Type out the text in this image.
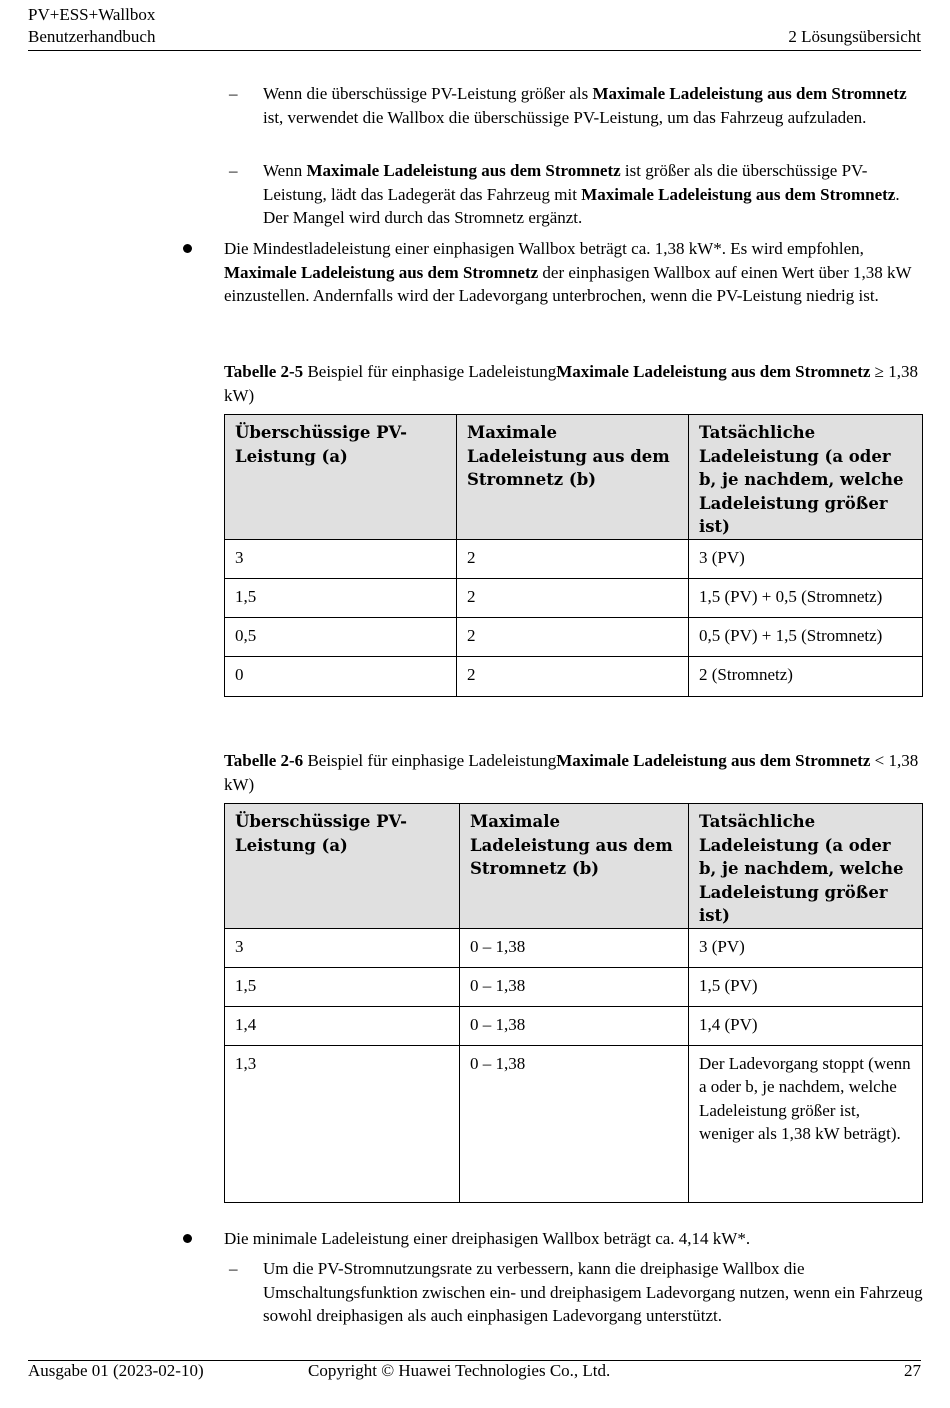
PV+ESS+Wallbox
Benutzerhandbuch	2 Lösungsübersicht
– Wenn die überschüssige PV-Leistung größer als Maximale Ladeleistung aus dem Stromnetz ist, verwendet die Wallbox die überschüssige PV-Leistung, um das Fahrzeug aufzuladen.
– Wenn Maximale Ladeleistung aus dem Stromnetz ist größer als die überschüssige PV-Leistung, lädt das Ladegerät das Fahrzeug mit Maximale Ladeleistung aus dem Stromnetz. Der Mangel wird durch das Stromnetz ergänzt.
Die Mindestladeleistung einer einphasigen Wallbox beträgt ca. 1,38 kW*. Es wird empfohlen, Maximale Ladeleistung aus dem Stromnetz der einphasigen Wallbox auf einen Wert über 1,38 kW einzustellen. Andernfalls wird der Ladevorgang unterbrochen, wenn die PV-Leistung niedrig ist.
Tabelle 2-5 Beispiel für einphasige LadeleistungMaximale Ladeleistung aus dem Stromnetz ≥ 1,38 kW)
Überschüssige PV-Leistung (a)	Maximale Ladeleistung aus dem Stromnetz (b)	Tatsächliche Ladeleistung (a oder b, je nachdem, welche Ladeleistung größer ist)
3	2	3 (PV)
1,5	2	1,5 (PV) + 0,5 (Stromnetz)
0,5	2	0,5 (PV) + 1,5 (Stromnetz)
0	2	2 (Stromnetz)
Tabelle 2-6 Beispiel für einphasige LadeleistungMaximale Ladeleistung aus dem Stromnetz < 1,38 kW)
Überschüssige PV-Leistung (a)	Maximale Ladeleistung aus dem Stromnetz (b)	Tatsächliche Ladeleistung (a oder b, je nachdem, welche Ladeleistung größer ist)
3	0 – 1,38	3 (PV)
1,5	0 – 1,38	1,5 (PV)
1,4	0 – 1,38	1,4 (PV)
1,3	0 – 1,38	Der Ladevorgang stoppt (wenn a oder b, je nachdem, welche Ladeleistung größer ist, weniger als 1,38 kW beträgt).
Die minimale Ladeleistung einer dreiphasigen Wallbox beträgt ca. 4,14 kW*.
– Um die PV-Stromnutzungsrate zu verbessern, kann die dreiphasige Wallbox die Umschaltungsfunktion zwischen ein- und dreiphasigem Ladevorgang nutzen, wenn ein Fahrzeug sowohl dreiphasigen als auch einphasigen Ladevorgang unterstützt.
Ausgabe 01 (2023-02-10)	Copyright © Huawei Technologies Co., Ltd.	27
